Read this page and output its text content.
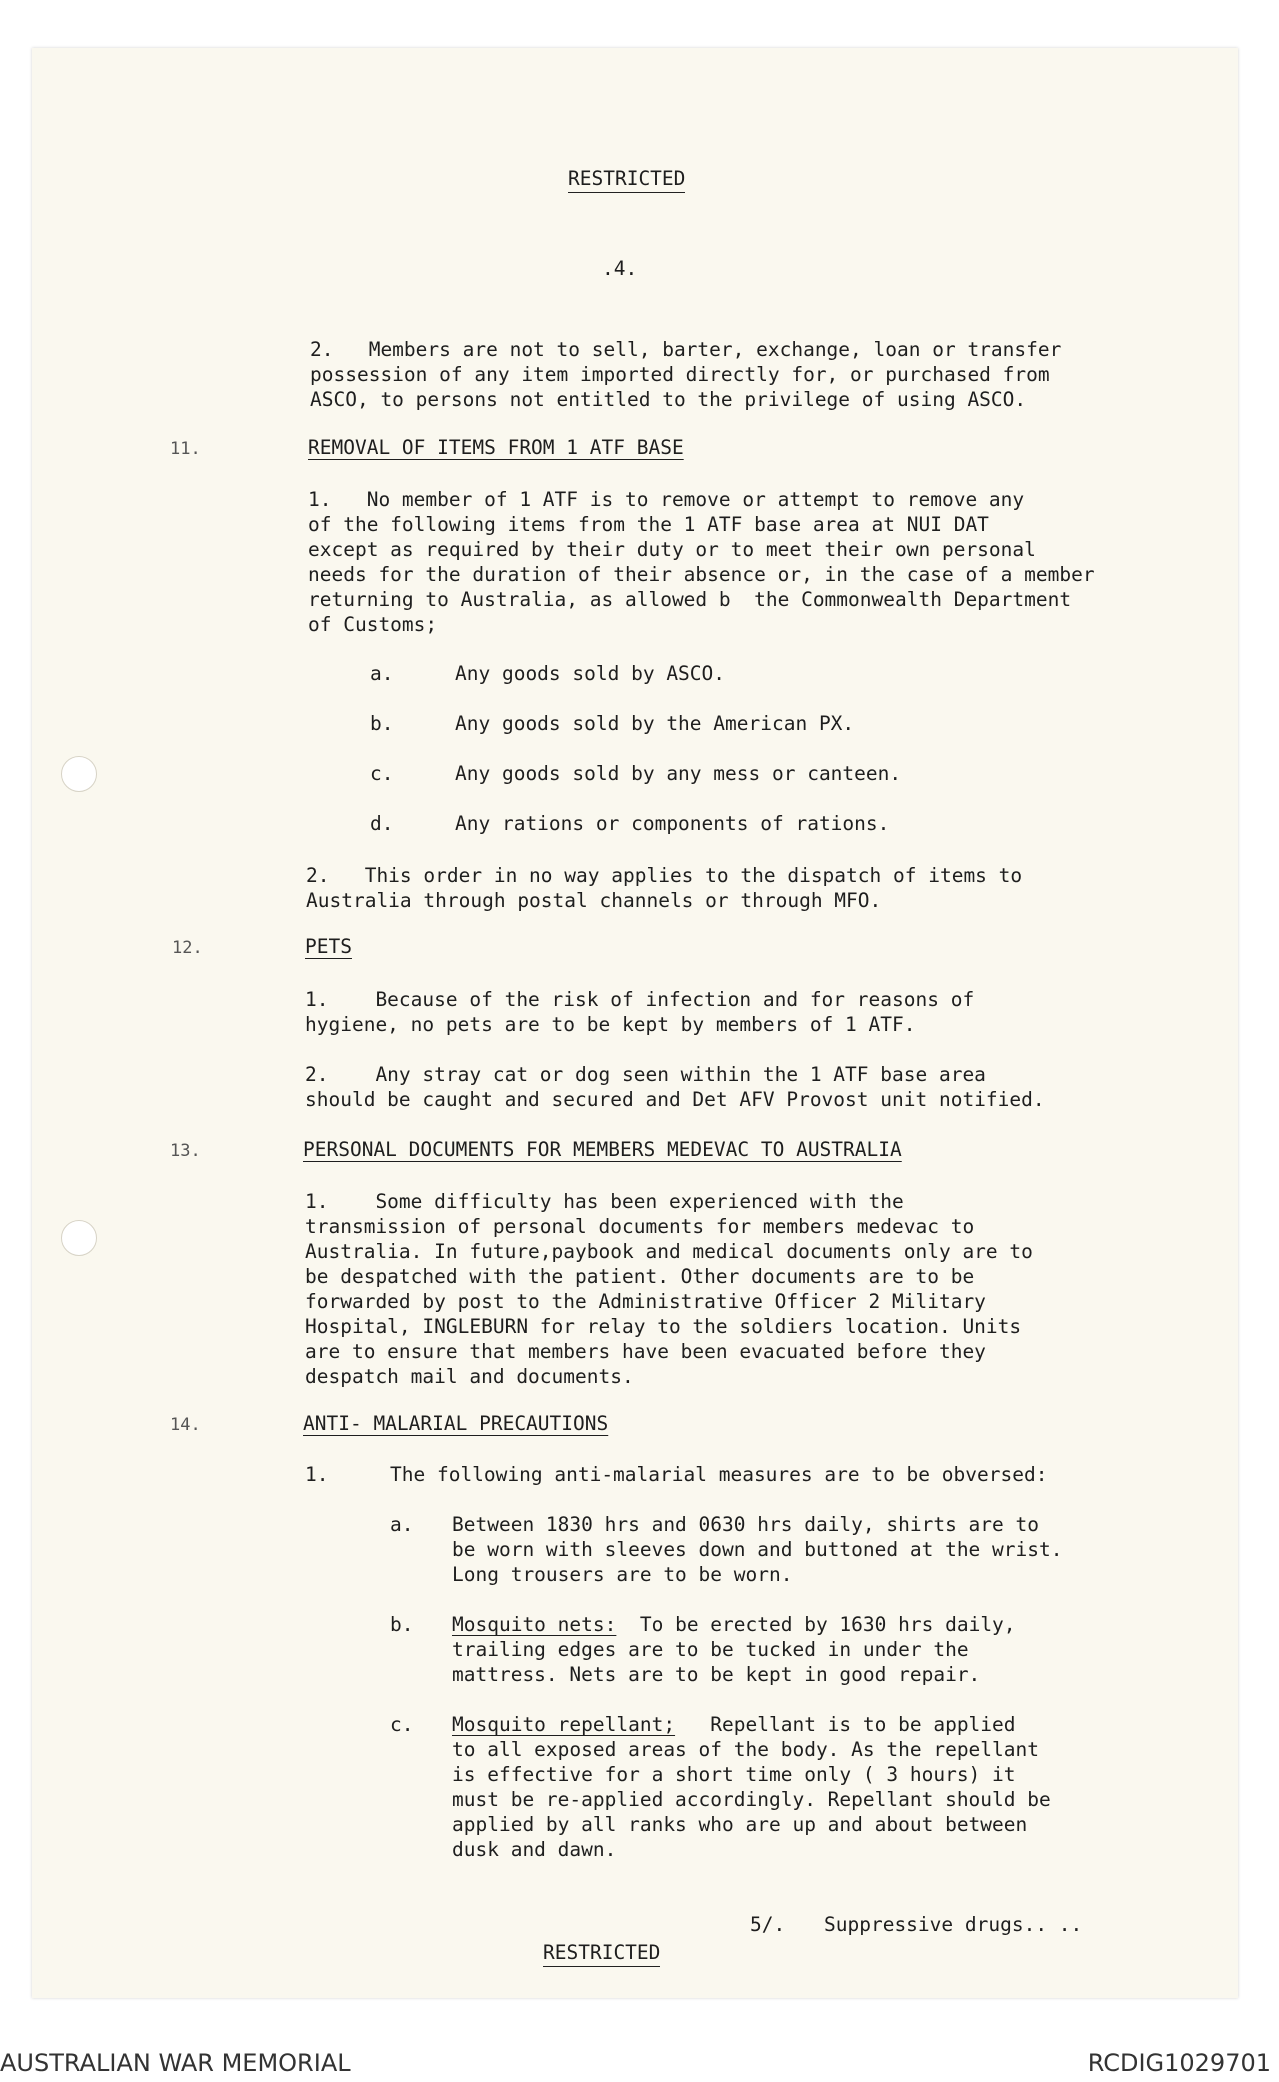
RESTRICTED
.4.
2.   Members are not to sell, barter, exchange, loan or transfer
possession of any item imported directly for, or purchased from
ASCO, to persons not entitled to the privilege of using ASCO.
11.	REMOVAL OF ITEMS FROM 1 ATF BASE
1.   No member of 1 ATF is to remove or attempt to remove any
of the following items from the 1 ATF base area at NUI DAT
except as required by their duty or to meet their own personal
needs for the duration of their absence or, in the case of a member
returning to Australia, as allowed b  the Commonwealth Department
of Customs;
a.	Any goods sold by ASCO.
b.	Any goods sold by the American PX.
c.	Any goods sold by any mess or canteen.
d.	Any rations or components of rations.
2.   This order in no way applies to the dispatch of items to
Australia through postal channels or through MFO.
12.	PETS
1.    Because of the risk of infection and for reasons of
hygiene, no pets are to be kept by members of 1 ATF.
2.    Any stray cat or dog seen within the 1 ATF base area
should be caught and secured and Det AFV Provost unit notified.
13.	PERSONAL DOCUMENTS FOR MEMBERS MEDEVAC TO AUSTRALIA
1.    Some difficulty has been experienced with the
transmission of personal documents for members medevac to
Australia. In future,paybook and medical documents only are to
be despatched with the patient. Other documents are to be
forwarded by post to the Administrative Officer 2 Military
Hospital, INGLEBURN for relay to the soldiers location. Units
are to ensure that members have been evacuated before they
despatch mail and documents.
14.	ANTI- MALARIAL PRECAUTIONS
1.	The following anti-malarial measures are to be obversed:
a. Between 1830 hrs and 0630 hrs daily, shirts are to
be worn with sleeves down and buttoned at the wrist.
Long trousers are to be worn.
b. Mosquito nets:  To be erected by 1630 hrs daily,
trailing edges are to be tucked in under the
mattress. Nets are to be kept in good repair.
c. Mosquito repellant;   Repellant is to be applied
to all exposed areas of the body. As the repellant
is effective for a short time only ( 3 hours) it
must be re-applied accordingly. Repellant should be
applied by all ranks who are up and about between
dusk and dawn.
5/. Suppressive drugs.. ..
RESTRICTED
AUSTRALIAN WAR MEMORIAL	RCDIG1029701
